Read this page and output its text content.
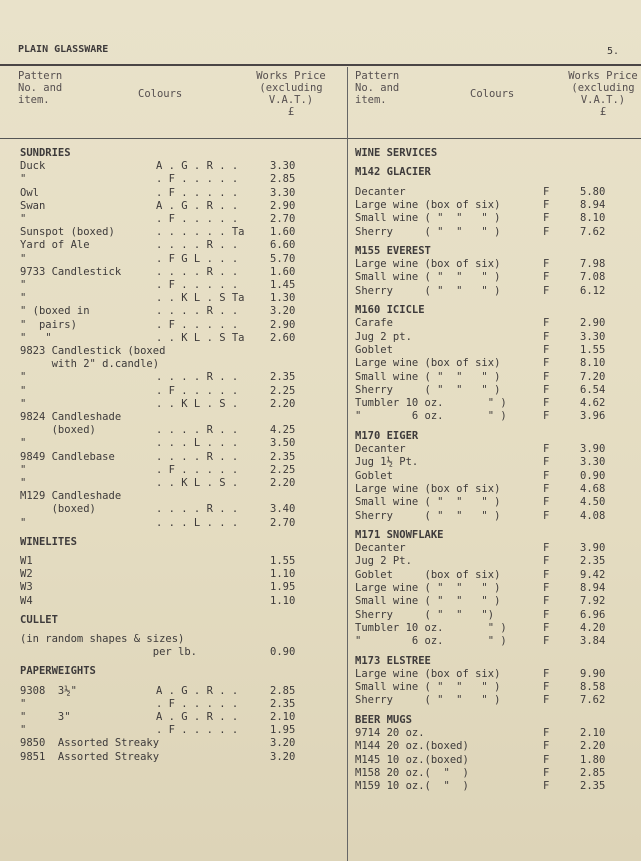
PLAIN GLASSWARE	5.
Pattern
No. and
item.	Colours
Works Price
(excluding
V.A.T.)
£
Pattern
No. and
item.	Colours
Works Price
(excluding
V.A.T.)
£
SUNDRIES
Duck	A . G . R . .	3.30
"	. F . . . . .	2.85
Owl	. F . . . . .	3.30
Swan	A . G . R . .	2.90
"	. F . . . . .	2.70
Sunspot (boxed)	. . . . . . Ta 1.60
Yard of Ale	. . . . R . .	6.60
"	. F G L . . .	5.70
9733 Candlestick	. . . . R . .	1.60
"	. F . . . . .	1.45
"	. . K L . S Ta 1.30
" (boxed in	. . . . R . .	3.20
"  pairs)	. F . . . . .	2.90
"   "	. . K L . S Ta 2.60
9823 Candlestick (boxed
with 2" d.candle)
"	. . . . R . .	2.35
"	. F . . . . .	2.25
"	. . K L . S .	2.20
9824 Candleshade
(boxed)	. . . . R . .	4.25
"	. . . L . . .	3.50
9849 Candlebase	. . . . R . .	2.35
"	. F . . . . .	2.25
"	. . K L . S .	2.20
M129 Candleshade
(boxed)	. . . . R . .	3.40
"	. . . L . . .	2.70
WINELITES
W1	1.55
W2	1.10
W3	1.95
W4	1.10
CULLET
(in random shapes & sizes)
per lb.	0.90
PAPERWEIGHTS
9308  3½"	A . G . R . .	2.85
"	. F . . . . .	2.35
"     3"	A . G . R . .	2.10
"	. F . . . . .	1.95
9850  Assorted Streaky	3.20
9851  Assorted Streaky	3.20
WINE SERVICES
M142 GLACIER
Decanter	F	5.80
Large wine (box of six)	F	8.94
Small wine ( "  "   " )	F	8.10
Sherry     ( "  "   " )	F	7.62
M155 EVEREST
Large wine (box of six)	F	7.98
Small wine ( "  "   " )	F	7.08
Sherry     ( "  "   " )	F	6.12
M160 ICICLE
Carafe	F	2.90
Jug 2 pt.	F	3.30
Goblet	F	1.55
Large wine (box of six)	F	8.10
Small wine ( "  "   " )	F	7.20
Sherry     ( "  "   " )	F	6.54
Tumbler 10 oz.       " )	F	4.62
"        6 oz.       " )	F	3.96
M170 EIGER
Decanter	F	3.90
Jug 1½ Pt.	F	3.30
Goblet	F	0.90
Large wine (box of six)	F	4.68
Small wine ( "  "   " )	F	4.50
Sherry     ( "  "   " )	F	4.08
M171 SNOWFLAKE
Decanter	F	3.90
Jug 2 Pt.	F	2.35
Goblet     (box of six)	F	9.42
Large wine ( "  "   " )	F	8.94
Small wine ( "  "   " )	F	7.92
Sherry     ( "  "   ")	F	6.96
Tumbler 10 oz.       " )	F	4.20
"        6 oz.       " )	F	3.84
M173 ELSTREE
Large wine (box of six)	F	9.90
Small wine ( "  "   " )	F	8.58
Sherry     ( "  "   " )	F	7.62
BEER MUGS
9714 20 oz.	F	2.10
M144 20 oz.(boxed)	F	2.20
M145 10 oz.(boxed)	F	1.80
M158 20 oz.(  "  )	F	2.85
M159 10 oz.(  "  )	F	2.35
